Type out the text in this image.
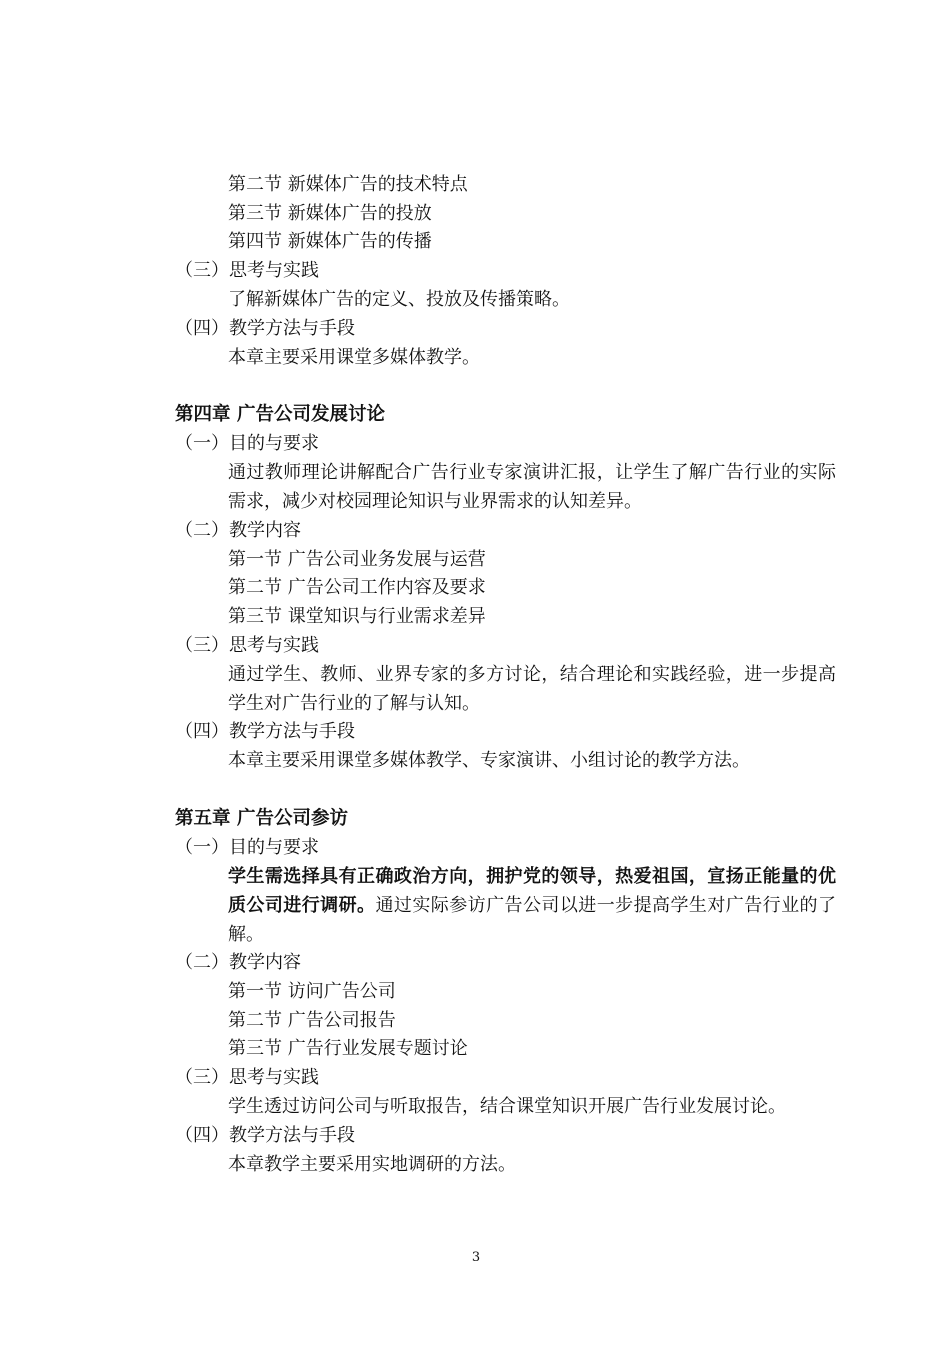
第二节 新媒体广告的技术特点
第三节 新媒体广告的投放
第四节 新媒体广告的传播
（三）思考与实践
了解新媒体广告的定义、投放及传播策略。
（四）教学方法与手段
本章主要采用课堂多媒体教学。
第四章 广告公司发展讨论
（一）目的与要求
通过教师理论讲解配合广告行业专家演讲汇报，让学生了解广告行业的实际需求，减少对校园理论知识与业界需求的认知差异。
（二）教学内容
第一节 广告公司业务发展与运营
第二节 广告公司工作内容及要求
第三节 课堂知识与行业需求差异
（三）思考与实践
通过学生、教师、业界专家的多方讨论，结合理论和实践经验，进一步提高学生对广告行业的了解与认知。
（四）教学方法与手段
本章主要采用课堂多媒体教学、专家演讲、小组讨论的教学方法。
第五章 广告公司参访
（一）目的与要求
学生需选择具有正确政治方向，拥护党的领导，热爱祖国，宣扬正能量的优质公司进行调研。通过实际参访广告公司以进一步提高学生对广告行业的了解。
（二）教学内容
第一节 访问广告公司
第二节 广告公司报告
第三节 广告行业发展专题讨论
（三）思考与实践
学生透过访问公司与听取报告，结合课堂知识开展广告行业发展讨论。
（四）教学方法与手段
本章教学主要采用实地调研的方法。
3
